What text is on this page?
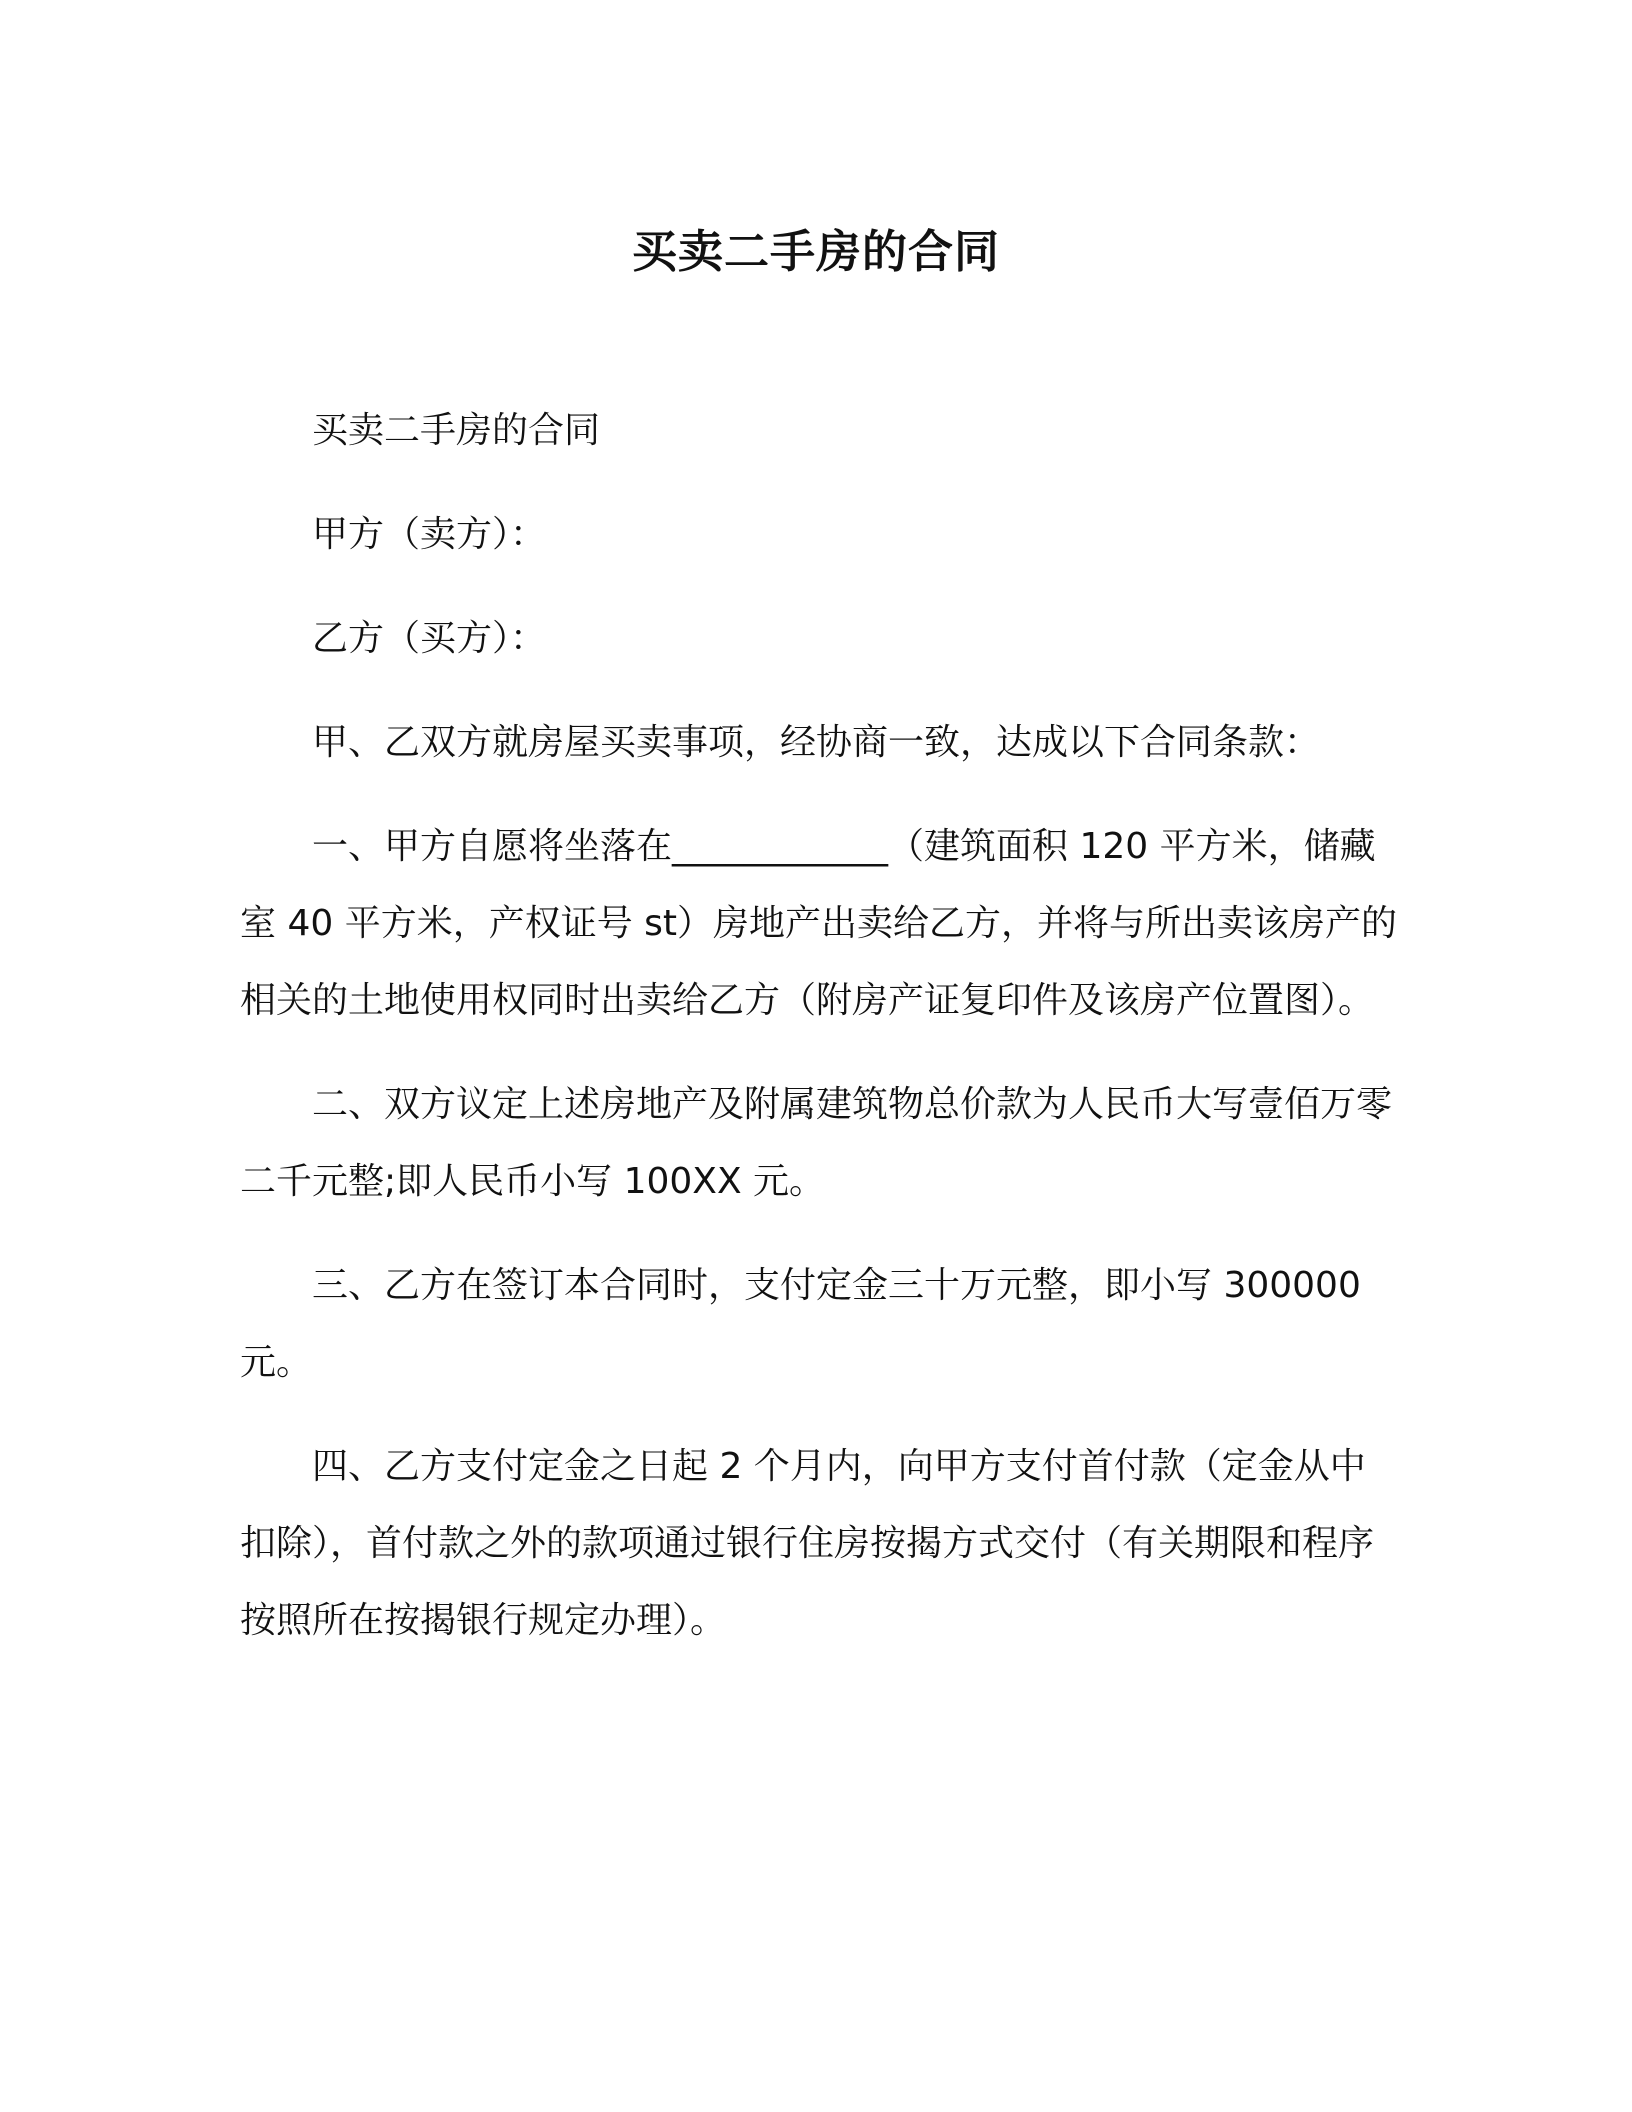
买卖二手房的合同

买卖二手房的合同

甲方（卖方）：

乙方（买方）：

甲、乙双方就房屋买卖事项，经协商一致，达成以下合同条款：

一、甲方自愿将坐落在____________（建筑面积 120 平方米，储藏室 40 平方米，产权证号 st）房地产出卖给乙方，并将与所出卖该房产的相关的土地使用权同时出卖给乙方（附房产证复印件及该房产位置图）。

二、双方议定上述房地产及附属建筑物总价款为人民币大写壹佰万零二千元整;即人民币小写 100XX 元。

三、乙方在签订本合同时，支付定金三十万元整，即小写 300000 元。

四、乙方支付定金之日起 2 个月内，向甲方支付首付款（定金从中扣除），首付款之外的款项通过银行住房按揭方式交付（有关期限和程序按照所在按揭银行规定办理）。
